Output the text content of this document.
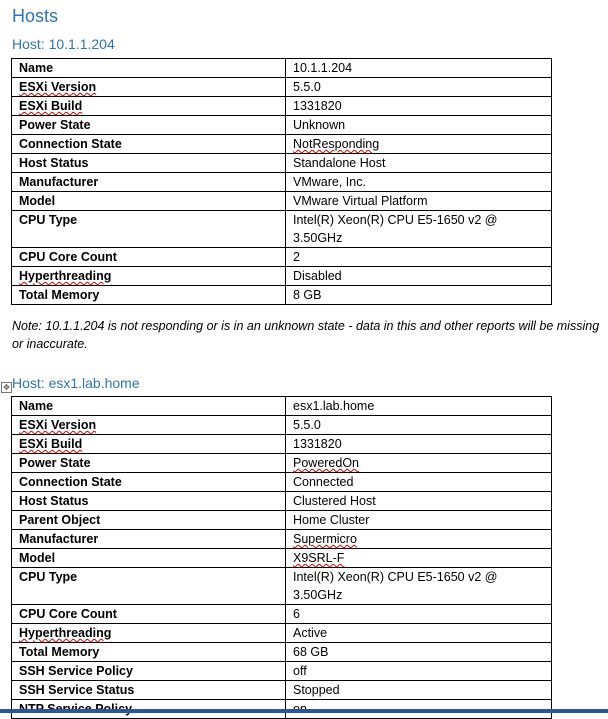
Hosts
Host: 10.1.1.204
Name	10.1.1.204
ESXi Version	5.5.0
ESXi Build	1331820
Power State	Unknown
Connection State	NotResponding
Host Status	Standalone Host
Manufacturer	VMware, Inc.
Model	VMware Virtual Platform
CPU Type	Intel(R) Xeon(R) CPU E5-1650 v2 @ 3.50GHz
CPU Core Count	2
Hyperthreading	Disabled
Total Memory	8 GB
Note: 10.1.1.204 is not responding or is in an unknown state - data in this and other reports will be missing or inaccurate.
✥ Host: esx1.lab.home
Name	esx1.lab.home
ESXi Version	5.5.0
ESXi Build	1331820
Power State	PoweredOn
Connection State	Connected
Host Status	Clustered Host
Parent Object	Home Cluster
Manufacturer	Supermicro
Model	X9SRL-F
CPU Type	Intel(R) Xeon(R) CPU E5-1650 v2 @ 3.50GHz
CPU Core Count	6
Hyperthreading	Active
Total Memory	68 GB
SSH Service Policy	off
SSH Service Status	Stopped
